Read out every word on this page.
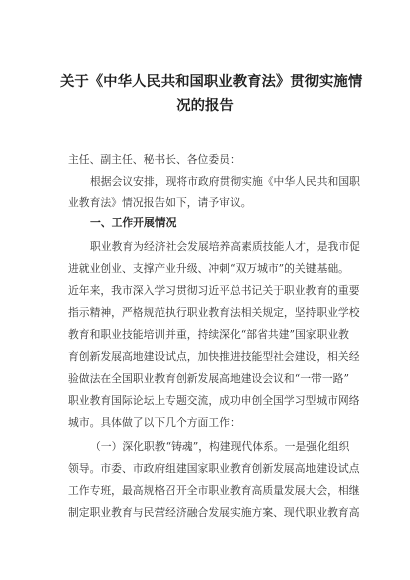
关于《中华人民共和国职业教育法》贯彻实施情
况的报告

主任、副主任、秘书长、各位委员：

根据会议安排，现将市政府贯彻实施《中华人民共和国职

业教育法》情况报告如下，请予审议。

一、工作开展情况

职业教育为经济社会发展培养高素质技能人才，是我市促

进就业创业、支撑产业升级、冲刺“双万城市”的关键基础。

近年来，我市深入学习贯彻习近平总书记关于职业教育的重要

指示精神，严格规范执行职业教育法相关规定，坚持职业学校

教育和职业技能培训并重，持续深化“部省共建”国家职业教

育创新发展高地建设试点，加快推进技能型社会建设，相关经

验做法在全国职业教育创新发展高地建设会议和“一带一路”

职业教育国际论坛上专题交流，成功申创全国学习型城市网络

城市。具体做了以下几个方面工作：

（一）深化职教“铸魂”，构建现代体系。一是强化组织

领导。市委、市政府组建国家职业教育创新发展高地建设试点

工作专班，最高规格召开全市职业教育高质量发展大会，相继

制定职业教育与民营经济融合发展实施方案、现代职业教育高
